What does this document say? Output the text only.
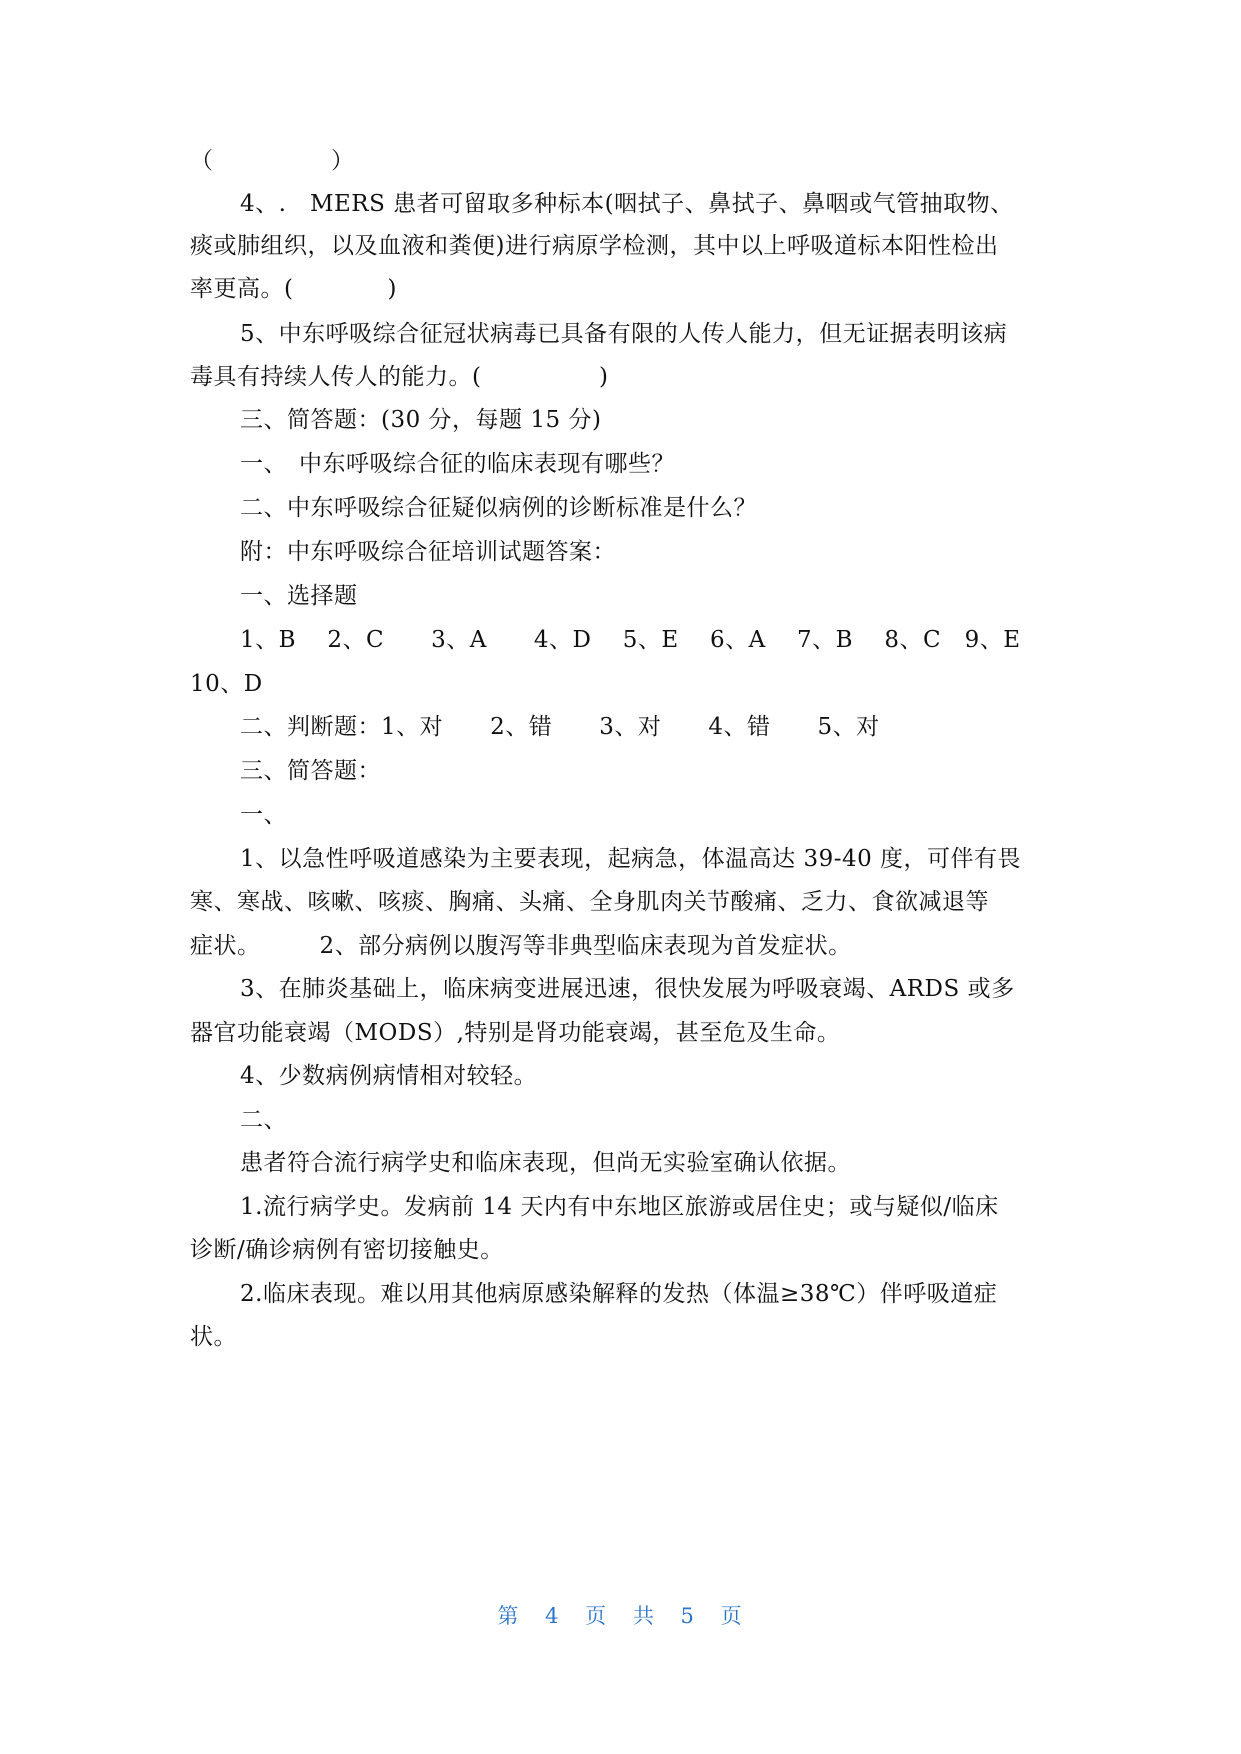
（　　　　　）
4、.　MERS 患者可留取多种标本(咽拭子、鼻拭子、鼻咽或气管抽取物、
痰或肺组织，以及血液和粪便)进行病原学检测，其中以上呼吸道标本阳性检出
率更高。(　　　　)
5、中东呼吸综合征冠状病毒已具备有限的人传人能力，但无证据表明该病
毒具有持续人传人的能力。(　　　　　)
三、简答题：(30 分，每题 15 分)
一、　中东呼吸综合征的临床表现有哪些？
二、中东呼吸综合征疑似病例的诊断标准是什么？
附：中东呼吸综合征培训试题答案：
一、选择题
1、B　 2、C　　3、A　　4、D　 5、E　 6、A　 7、B　 8、C　9、E
10、D
二、判断题：1、对　　2、错　　3、对　　4、错　　5、对
三、简答题：
一、
1、以急性呼吸道感染为主要表现，起病急，体温高达 39-40 度，可伴有畏
寒、寒战、咳嗽、咳痰、胸痛、头痛、全身肌肉关节酸痛、乏力、食欲减退等
症状。　　　2、部分病例以腹泻等非典型临床表现为首发症状。
3、在肺炎基础上，临床病变进展迅速，很快发展为呼吸衰竭、ARDS 或多
器官功能衰竭（MODS）,特别是肾功能衰竭，甚至危及生命。
4、少数病例病情相对较轻。
二、
患者符合流行病学史和临床表现，但尚无实验室确认依据。
1.流行病学史。发病前 14 天内有中东地区旅游或居住史；或与疑似/临床
诊断/确诊病例有密切接触史。
2.临床表现。难以用其他病原感染解释的发热（体温≥38℃）伴呼吸道症
状。
第 4 页 共 5 页
